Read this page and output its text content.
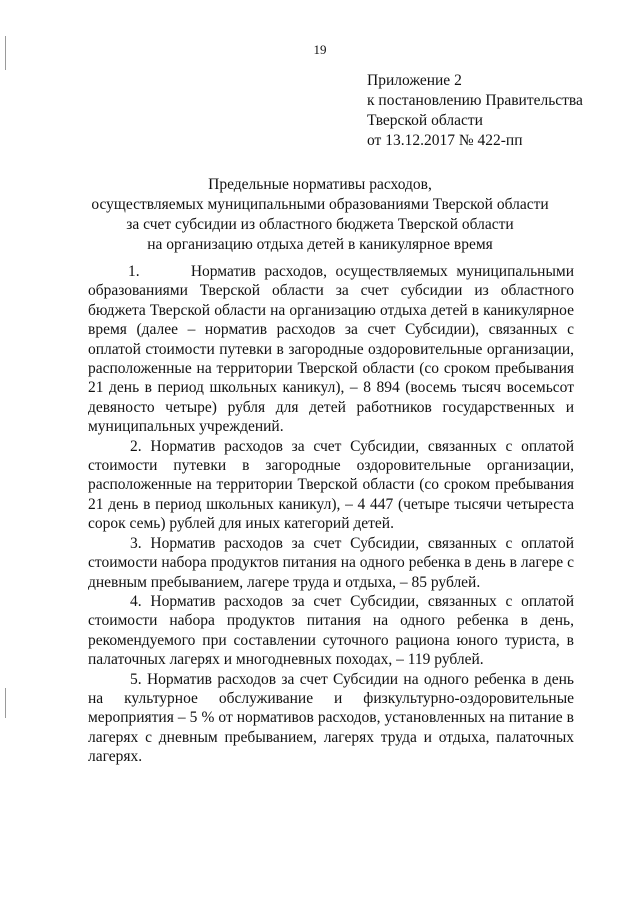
19
Приложение 2
к постановлению Правительства
Тверской области
от 13.12.2017 № 422-пп
Предельные нормативы расходов,
осуществляемых муниципальными образованиями Тверской области
за счет субсидии из областного бюджета Тверской области
на организацию отдыха детей в каникулярное время

1.      Норматив расходов, осуществляемых муниципальными образованиями Тверской области за счет субсидии из областного бюджета Тверской области на организацию отдыха детей в каникулярное время (далее – норматив расходов за счет Субсидии), связанных с оплатой стоимости путевки в загородные оздоровительные организации, расположенные на территории Тверской области (со сроком пребывания 21 день в период школьных каникул), – 8 894 (восемь тысяч восемьсот девяносто четыре) рубля для детей работников государственных и муниципальных учреждений.

2. Норматив расходов за счет Субсидии, связанных с оплатой стоимости путевки в загородные оздоровительные организации, расположенные на территории Тверской области (со сроком пребывания 21 день в период школьных каникул), – 4 447 (четыре тысячи четыреста сорок семь) рублей для иных категорий детей.

3. Норматив расходов за счет Субсидии, связанных с оплатой стоимости набора продуктов питания на одного ребенка в день в лагере с дневным пребыванием, лагере труда и отдыха, – 85 рублей.

4. Норматив расходов за счет Субсидии, связанных с оплатой стоимости набора продуктов питания на одного ребенка в день, рекомендуемого при составлении суточного рациона юного туриста, в палаточных лагерях и многодневных походах, – 119 рублей.

5. Норматив расходов за счет Субсидии на одного ребенка в день на культурное обслуживание и физкультурно-оздоровительные мероприятия – 5 % от нормативов расходов, установленных на питание в лагерях с дневным пребыванием, лагерях труда и отдыха, палаточных лагерях.
